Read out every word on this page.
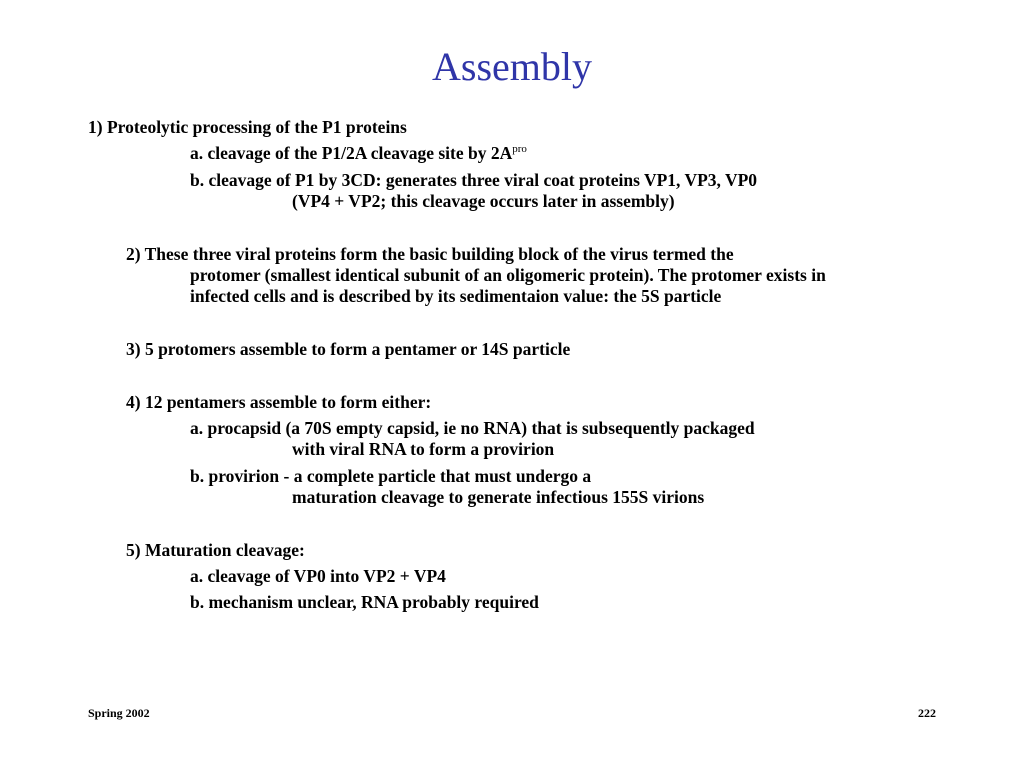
Assembly
1) Proteolytic processing of the P1 proteins
a. cleavage of the P1/2A cleavage site by $2A^{pro}$
b. cleavage of P1 by 3CD: generates three viral coat proteins VP1, VP3, VP0
(VP4 + VP2; this cleavage occurs later in assembly)
2) These three viral proteins form the basic building block of the virus termed the
protomer (smallest identical subunit of an oligomeric protein). The protomer exists in
infected cells and is described by its sedimentaion value: the 5S particle
3) 5 protomers assemble to form a pentamer or 14S particle
4) 12 pentamers assemble to form either:
a. procapsid (a 70S empty capsid, ie no RNA) that is subsequently packaged
with viral RNA to form a provirion
b. provirion - a complete particle that must undergo a
maturation cleavage to generate infectious 155S virions
5) Maturation cleavage:
a. cleavage of VP0 into VP2 + VP4
b. mechanism unclear, RNA probably required
Spring 2002	222
